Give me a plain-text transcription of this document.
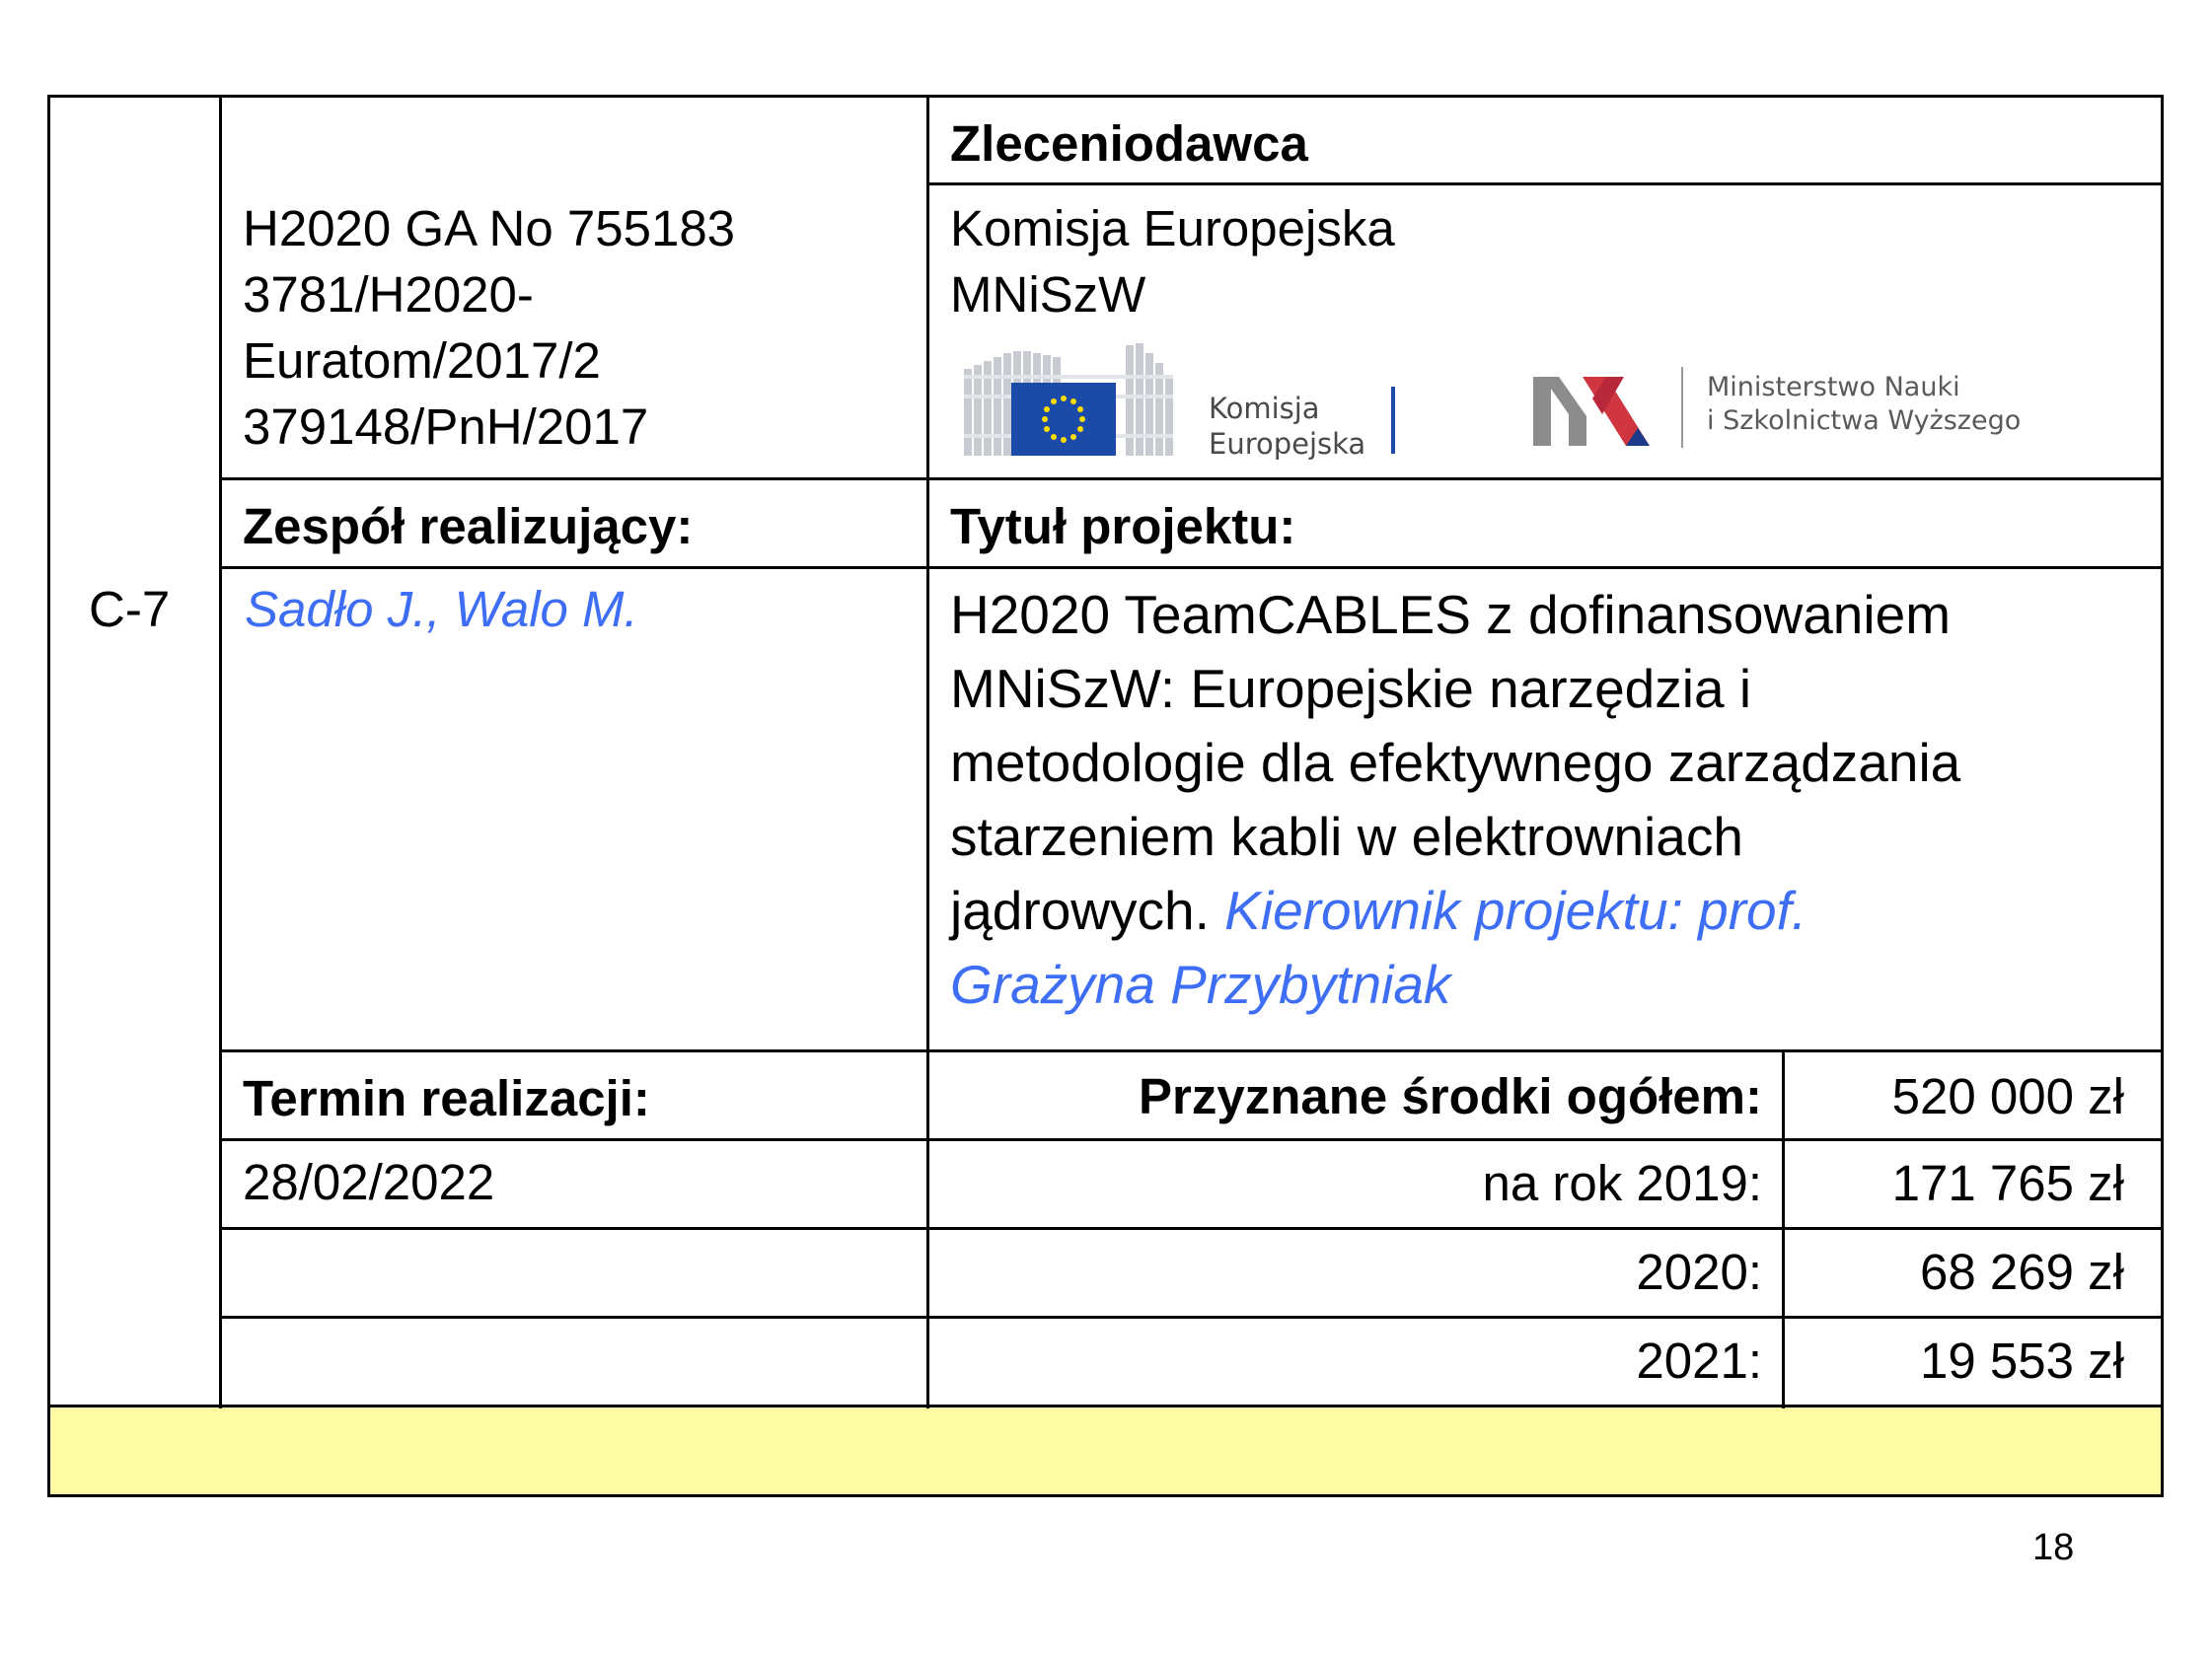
C-7
H2020 GA No 755183
3781/H2020-
Euratom/2017/2
379148/PnH/2017
Zleceniodawca
Komisja Europejska
MNiSzW
Komisja
Europejska
Ministerstwo Nauki
i Szkolnictwa Wyższego
Zespół realizujący:	Tytuł projektu:
Sadło J., Walo M.	H2020 TeamCABLES z dofinansowaniem
MNiSzW: Europejskie narzędzia i
metodologie dla efektywnego zarządzania
starzeniem kabli w elektrowniach
jądrowych. Kierownik projektu: prof.
Grażyna Przybytniak
Termin realizacji:
28/02/2022
Przyznane środki ogółem:
na rok 2019:
2020:
2021:
520 000 zł
171 765 zł
68 269 zł
19 553 zł
18
